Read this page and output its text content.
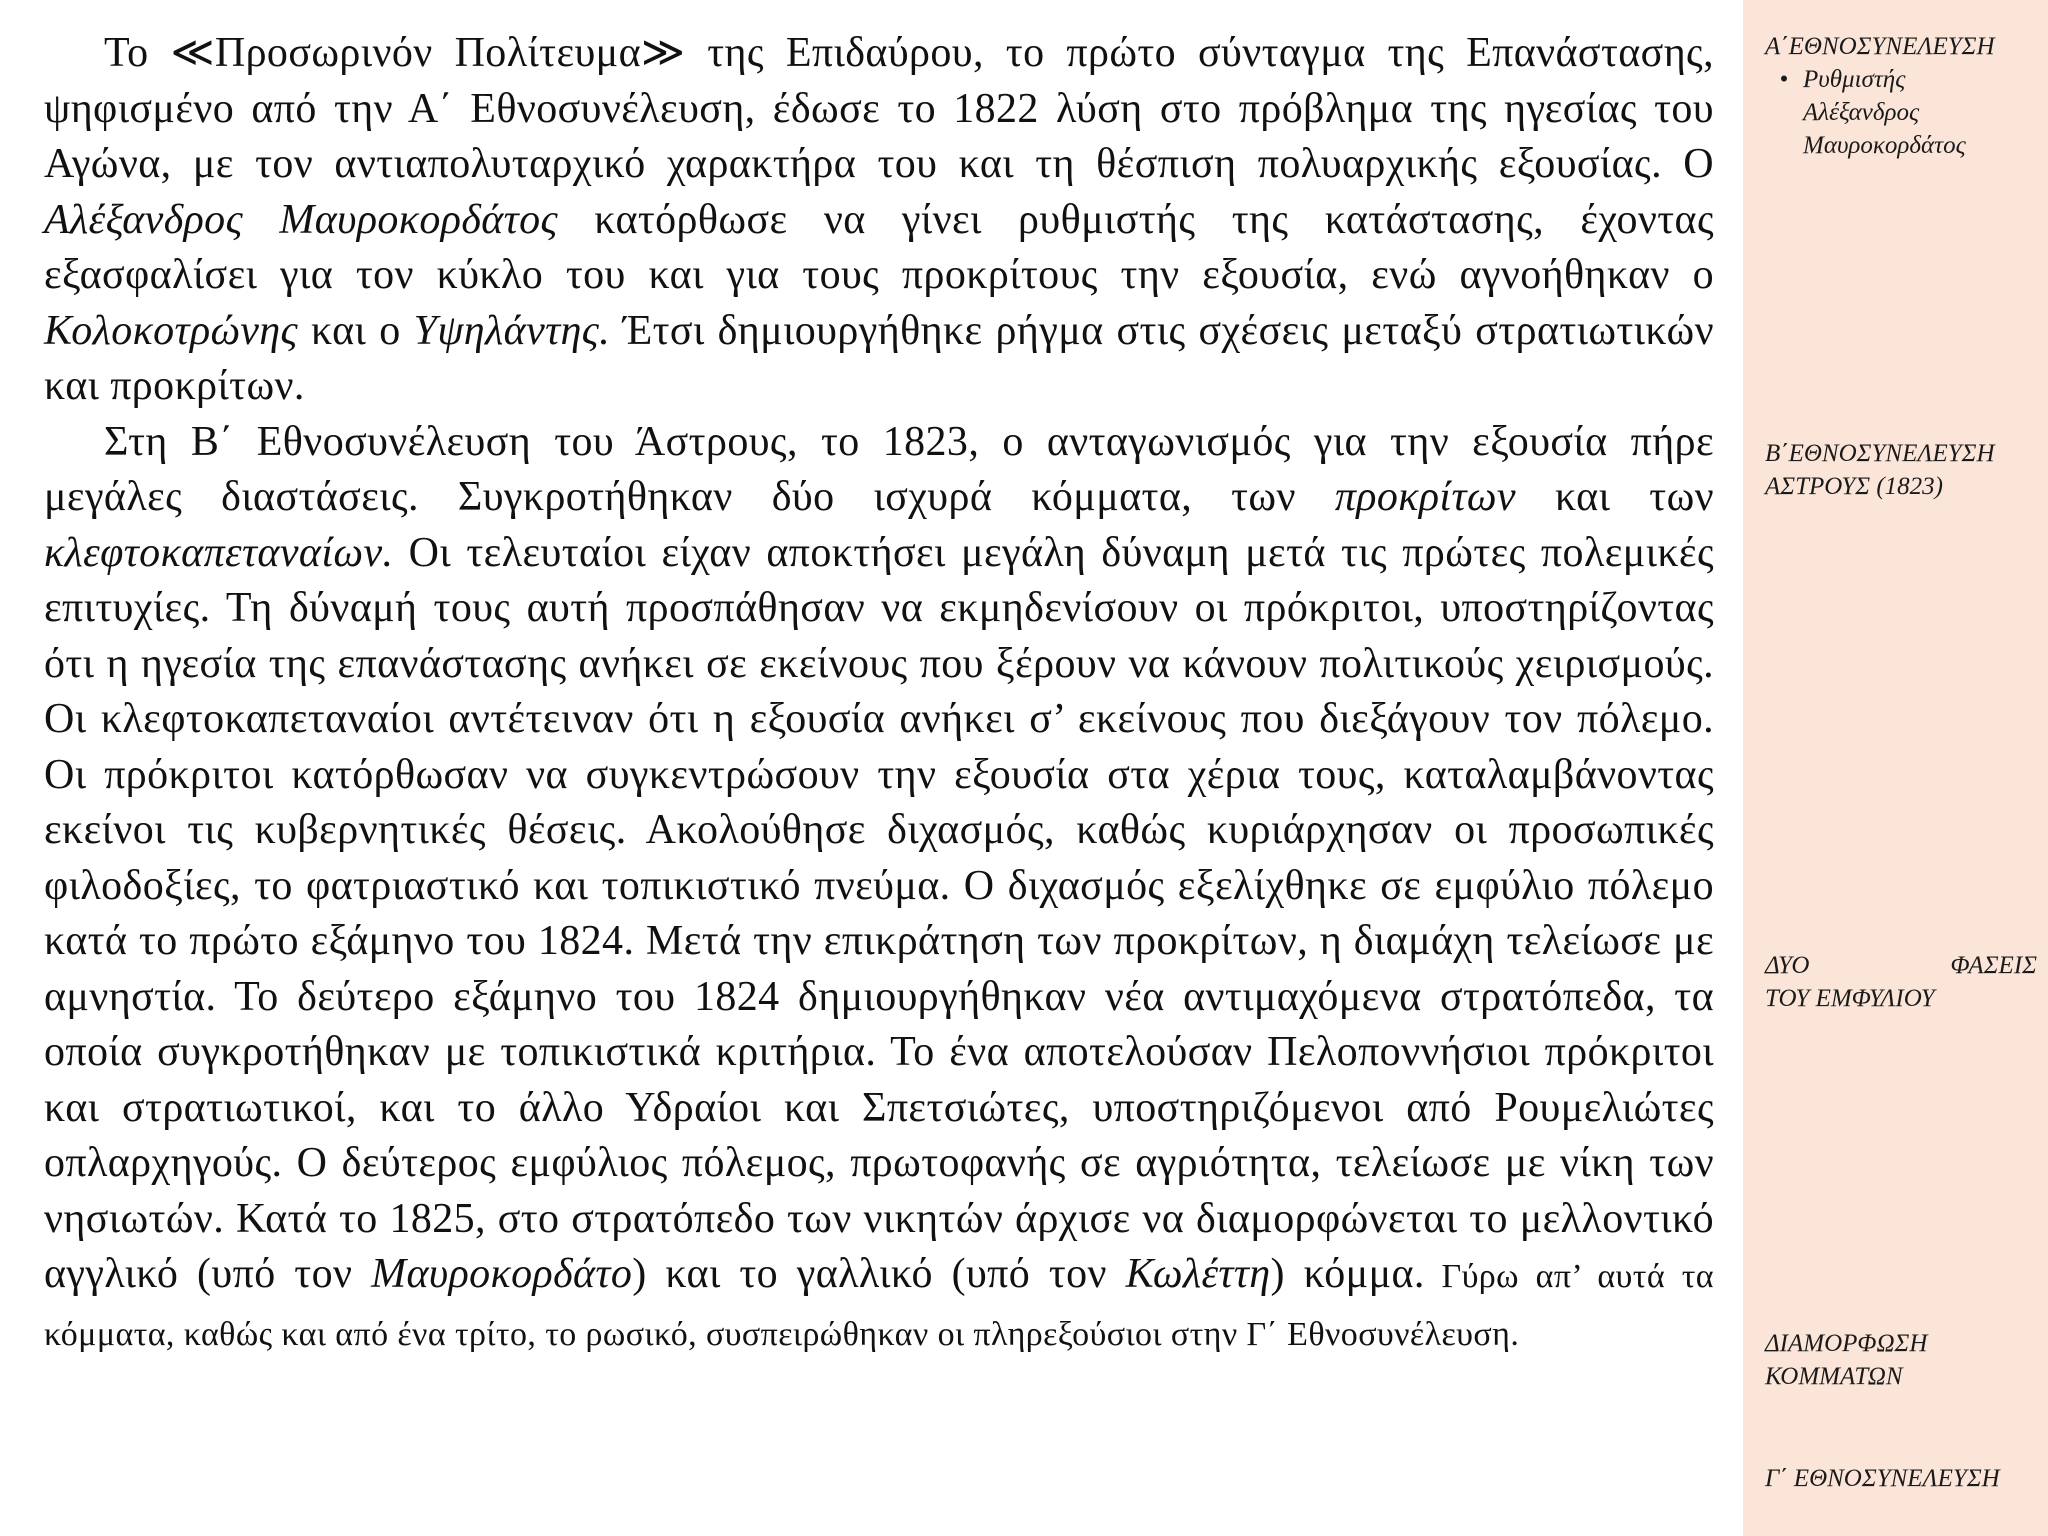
Το ≪Προσωρινόν Πολίτευμα≫ της Επιδαύρου, το πρώτο σύνταγμα της Επανάστασης, ψηφισμένο από την Α΄ Εθνοσυνέλευση, έδωσε το 1822 λύση στο πρόβλημα της ηγεσίας του Αγώνα, με τον αντιαπολυταρχικό χαρακτήρα του και τη θέσπιση πολυαρχικής εξουσίας. Ο Αλέξανδρος Μαυροκορδάτος κατόρθωσε να γίνει ρυθμιστής της κατάστασης, έχοντας εξασφαλίσει για τον κύκλο του και για τους προκρίτους την εξουσία, ενώ αγνοήθηκαν ο Κολοκοτρώνης και ο Υψηλάντης. Έτσι δημιουργήθηκε ρήγμα στις σχέσεις μεταξύ στρατιωτικών και προκρίτων.

Στη Β΄ Εθνοσυνέλευση του Άστρους, το 1823, ο ανταγωνισμός για την εξουσία πήρε μεγάλες διαστάσεις. Συγκροτήθηκαν δύο ισχυρά κόμματα, των προκρίτων και των κλεφτοκαπεταναίων. Οι τελευταίοι είχαν αποκτήσει μεγάλη δύναμη μετά τις πρώτες πολεμικές επιτυχίες. Τη δύναμή τους αυτή προσπάθησαν να εκμηδενίσουν οι πρόκριτοι, υποστηρίζοντας ότι η ηγεσία της επανάστασης ανήκει σε εκείνους που ξέρουν να κάνουν πολιτικούς χειρισμούς. Οι κλεφτοκαπεταναίοι αντέτειναν ότι η εξουσία ανήκει σ’ εκείνους που διεξάγουν τον πόλεμο. Οι πρόκριτοι κατόρθωσαν να συγκεντρώσουν την εξουσία στα χέρια τους, καταλαμβάνοντας εκείνοι τις κυβερνητικές θέσεις. Ακολούθησε διχασμός, καθώς κυριάρχησαν οι προσωπικές φιλοδοξίες, το φατριαστικό και τοπικιστικό πνεύμα. Ο διχασμός εξελίχθηκε σε εμφύλιο πόλεμο κατά το πρώτο εξάμηνο του 1824. Μετά την επικράτηση των προκρίτων, η διαμάχη τελείωσε με αμνηστία. Το δεύτερο εξάμηνο του 1824 δημιουργήθηκαν νέα αντιμαχόμενα στρατόπεδα, τα οποία συγκροτήθηκαν με τοπικιστικά κριτήρια. Το ένα αποτελούσαν Πελοποννήσιοι πρόκριτοι και στρατιωτικοί, και το άλλο Υδραίοι και Σπετσιώτες, υποστηριζόμενοι από Ρουμελιώτες οπλαρχηγούς. Ο δεύτερος εμφύλιος πόλεμος, πρωτοφανής σε αγριότητα, τελείωσε με νίκη των νησιωτών. Κατά το 1825, στο στρατόπεδο των νικητών άρχισε να διαμορφώνεται το μελλοντικό αγγλικό (υπό τον Μαυροκορδάτο) και το γαλλικό (υπό τον Κωλέττη) κόμμα. Γύρω απ’ αυτά τα κόμματα, καθώς και από ένα τρίτο, το ρωσικό, συσπειρώθηκαν οι πληρεξούσιοι στην Γ΄ Εθνοσυνέλευση.

Α΄ΕΘΝΟΣΥΝΕΛΕΥΣΗ
• Ρυθμιστής
Αλέξανδρος
Μαυροκορδάτος
Β΄ΕΘΝΟΣΥΝΕΛΕΥΣΗ
ΑΣΤΡΟΥΣ (1823)
ΔΥΟ	ΦΑΣΕΙΣ
ΤΟΥ ΕΜΦΥΛΙΟΥ
ΔΙΑΜΟΡΦΩΣΗ
ΚΟΜΜΑΤΩΝ
Γ΄ ΕΘΝΟΣΥΝΕΛΕΥΣΗ
